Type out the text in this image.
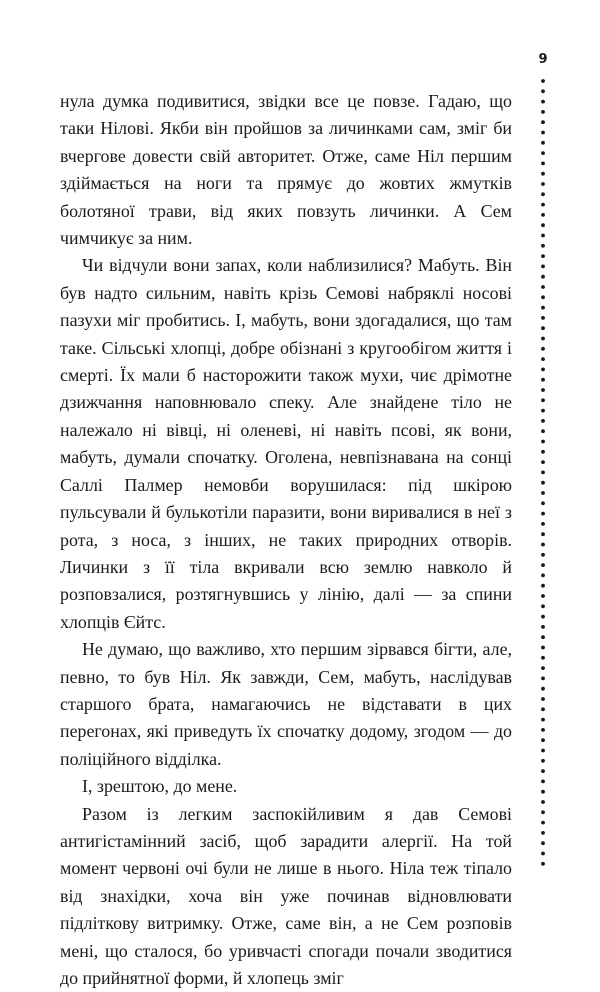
9

нула думка подивитися, звідки все це повзе. Гадаю, що таки Нілові. Якби він пройшов за личинками сам, зміг би вчергове довести свій авторитет. Отже, саме Ніл першим здіймається на ноги та прямує до жовтих жмутків болотяної трави, від яких повзуть личинки. А Сем чимчикує за ним.

Чи відчули вони запах, коли наблизилися? Мабуть. Він був надто сильним, навіть крізь Семові набряклі носові пазухи міг пробитись. І, мабуть, вони здогадалися, що там таке. Сільські хлопці, добре обізнані з кругообігом життя і смерті. Їх мали б насторожити також мухи, чиє дрімотне дзижчання наповнювало спеку. Але знайдене тіло не належало ні вівці, ні оленеві, ні навіть псові, як вони, мабуть, думали спочатку. Оголена, невпізнавана на сонці Саллі Палмер немовби ворушилася: під шкірою пульсували й булькотіли паразити, вони виривалися в неї з рота, з носа, з інших, не таких природних отворів. Личинки з її тіла вкривали всю землю навколо й розповзалися, розтягнувшись у лінію, далі — за спини хлопців Єйтс.

Не думаю, що важливо, хто першим зірвався бігти, але, певно, то був Ніл. Як завжди, Сем, мабуть, наслідував старшого брата, намагаючись не відставати в цих перегонах, які приведуть їх спочатку додому, згодом — до поліційного відділка.

І, зрештою, до мене.

Разом із легким заспокійливим я дав Семові антигістамінний засіб, щоб зарадити алергії. На той момент червоні очі були не лише в нього. Ніла теж тіпало від знахідки, хоча він уже починав відновлювати підліткову витримку. Отже, саме він, а не Сем розповів мені, що сталося, бо уривчасті спогади почали зводитися до прийнятної форми, й хлопець зміг
